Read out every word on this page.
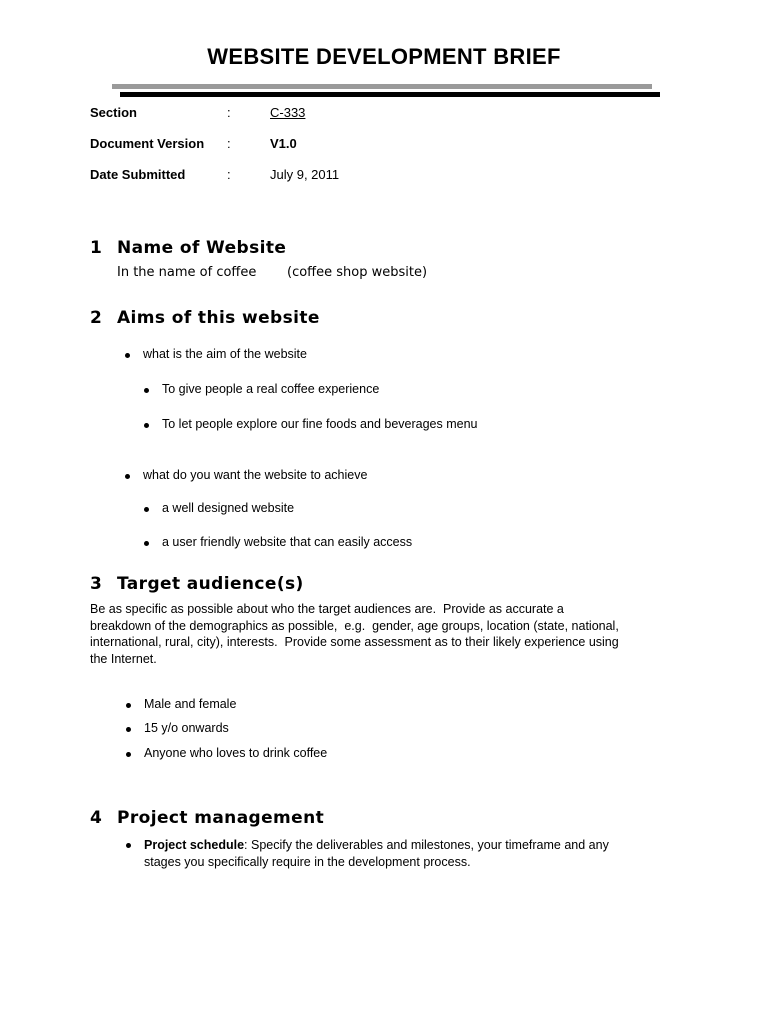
WEBSITE DEVELOPMENT BRIEF
Section	:	C-333
Document Version	:	V1.0
Date Submitted	:	July 9, 2011
1 Name of Website
In the name of coffee (coffee shop website)
2 Aims of this website
what is the aim of the website
To give people a real coffee experience
To let people explore our fine foods and beverages menu
what do you want the website to achieve
a well designed website
a user friendly website that can easily access
3 Target audience(s)
Be as specific as possible about who the target audiences are.  Provide as accurate a
breakdown of the demographics as possible,  e.g.  gender, age groups, location (state, national,
international, rural, city), interests.  Provide some assessment as to their likely experience using
the Internet.
Male and female
15 y/o onwards
Anyone who loves to drink coffee
4 Project management
Project schedule: Specify the deliverables and milestones, your timeframe and any
stages you specifically require in the development process.
